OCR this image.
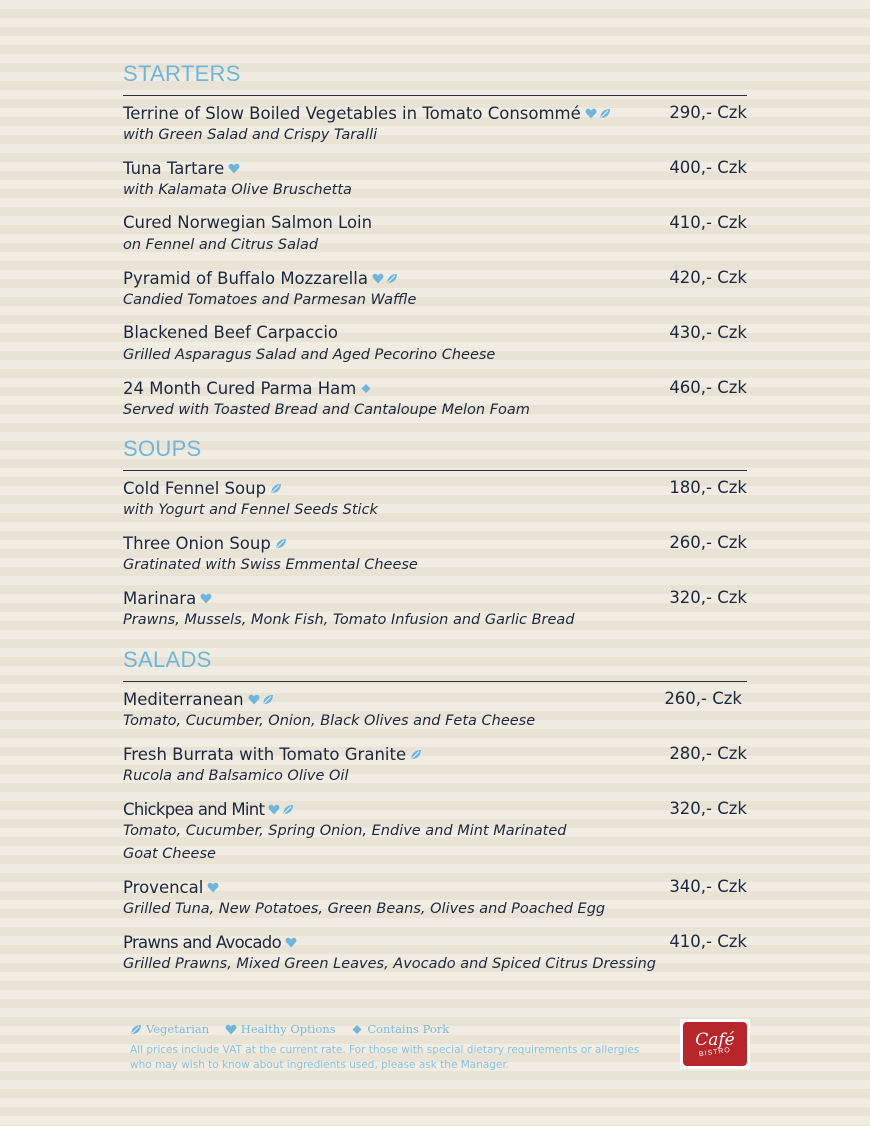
STARTERS
Terrine of Slow Boiled Vegetables in Tomato Consommé
with Green Salad and Crispy Taralli
290,- Czk
Tuna Tartare
with Kalamata Olive Bruschetta
400,- Czk
Cured Norwegian Salmon Loin
on Fennel and Citrus Salad
410,- Czk
Pyramid of Buffalo Mozzarella
Candied Tomatoes and Parmesan Waffle
420,- Czk
Blackened Beef Carpaccio
Grilled Asparagus Salad and Aged Pecorino Cheese
430,- Czk
24 Month Cured Parma Ham
Served with Toasted Bread and Cantaloupe Melon Foam
460,- Czk
SOUPS
Cold Fennel Soup
with Yogurt and Fennel Seeds Stick
180,- Czk
Three Onion Soup
Gratinated with Swiss Emmental Cheese
260,- Czk
Marinara
Prawns, Mussels, Monk Fish, Tomato Infusion and Garlic Bread
320,- Czk
SALADS
Mediterranean
Tomato, Cucumber, Onion, Black Olives and Feta Cheese
260,- Czk
Fresh Burrata with Tomato Granite
Rucola and Balsamico Olive Oil
280,- Czk
Chickpea and Mint
Tomato, Cucumber, Spring Onion, Endive and Mint Marinated Goat Cheese
320,- Czk
Provencal
Grilled Tuna, New Potatoes, Green Beans, Olives and Poached Egg
340,- Czk
Prawns and Avocado
Grilled Prawns, Mixed Green Leaves, Avocado and Spiced Citrus Dressing
410,- Czk
Vegetarian	Healthy Options	Contains Pork
All prices include VAT at the current rate. For those with special dietary requirements or allergies who may wish to know about ingredients used, please ask the Manager.
Café
BISTRO
